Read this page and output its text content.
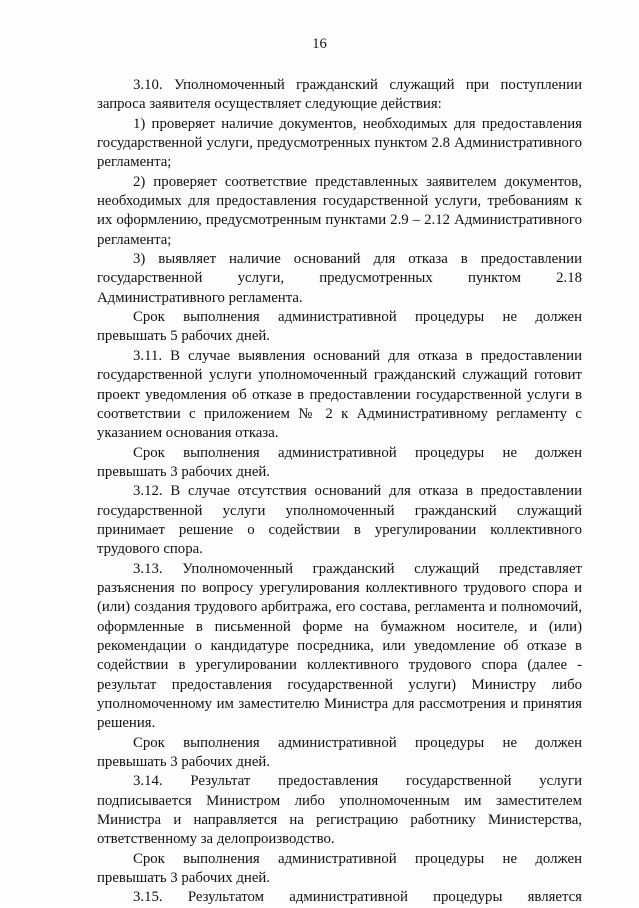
16

3.10. Уполномоченный гражданский служащий при поступлении запроса заявителя осуществляет следующие действия:

1) проверяет наличие документов, необходимых для предоставления государственной услуги, предусмотренных пунктом 2.8 Административного регламента;

2) проверяет соответствие представленных заявителем документов, необходимых для предоставления государственной услуги, требованиям к их оформлению, предусмотренным пунктами 2.9 – 2.12 Административного регламента;

3) выявляет наличие оснований для отказа в предоставлении государственной услуги, предусмотренных пунктом 2.18 Административного регламента.

Срок выполнения административной процедуры не должен превышать 5 рабочих дней.

3.11. В случае выявления оснований для отказа в предоставлении государственной услуги уполномоченный гражданский служащий готовит проект уведомления об отказе в предоставлении государственной услуги в соответствии с приложением № 2 к Административному регламенту с указанием основания отказа.

Срок выполнения административной процедуры не должен превышать 3 рабочих дней.

3.12. В случае отсутствия оснований для отказа в предоставлении государственной услуги уполномоченный гражданский служащий принимает решение о содействии в урегулировании коллективного трудового спора.

3.13. Уполномоченный гражданский служащий представляет разъяснения по вопросу урегулирования коллективного трудового спора и (или) создания трудового арбитража, его состава, регламента и полномочий, оформленные в письменной форме на бумажном носителе, и (или) рекомендации о кандидатуре посредника, или уведомление об отказе в содействии в урегулировании коллективного трудового спора (далее - результат предоставления государственной услуги) Министру либо уполномоченному им заместителю Министра для рассмотрения и принятия решения.

Срок выполнения административной процедуры не должен превышать 3 рабочих дней.

3.14. Результат предоставления государственной услуги подписывается Министром либо уполномоченным им заместителем Министра и направляется на регистрацию работнику Министерства, ответственному за делопроизводство.

Срок выполнения административной процедуры не должен превышать 3 рабочих дней.

3.15. Результатом административной процедуры является
